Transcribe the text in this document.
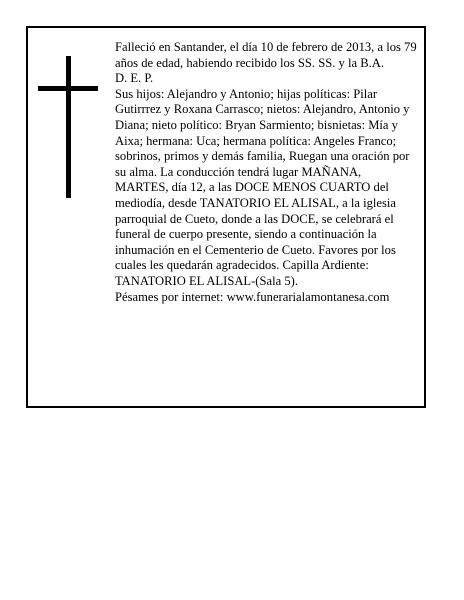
Falleció en Santander, el día 10 de febrero de 2013, a los 79 años de edad, habiendo recibido los SS. SS. y la B.A.

D. E. P.

Sus hijos: Alejandro y Antonio; hijas políticas: Pilar Gutirrrez y Roxana Carrasco; nietos: Alejandro, Antonio y Diana; nieto político: Bryan Sarmiento; bisnietas: Mía y Aixa; hermana: Uca; hermana política: Angeles Franco; sobrinos, primos y demás familia, Ruegan una oración por su alma. La conducción tendrá lugar MAÑANA, MARTES, día 12, a las DOCE MENOS CUARTO del mediodía, desde TANATORIO EL ALISAL, a la iglesia parroquial de Cueto, donde a las DOCE, se celebrará el funeral de cuerpo presente, siendo a continuación la inhumación en el Cementerio de Cueto. Favores por los cuales les quedarán agradecidos. Capilla Ardiente: TANATORIO EL ALISAL-(Sala 5).

Pésames por internet: www.funerarialamontanesa.com
